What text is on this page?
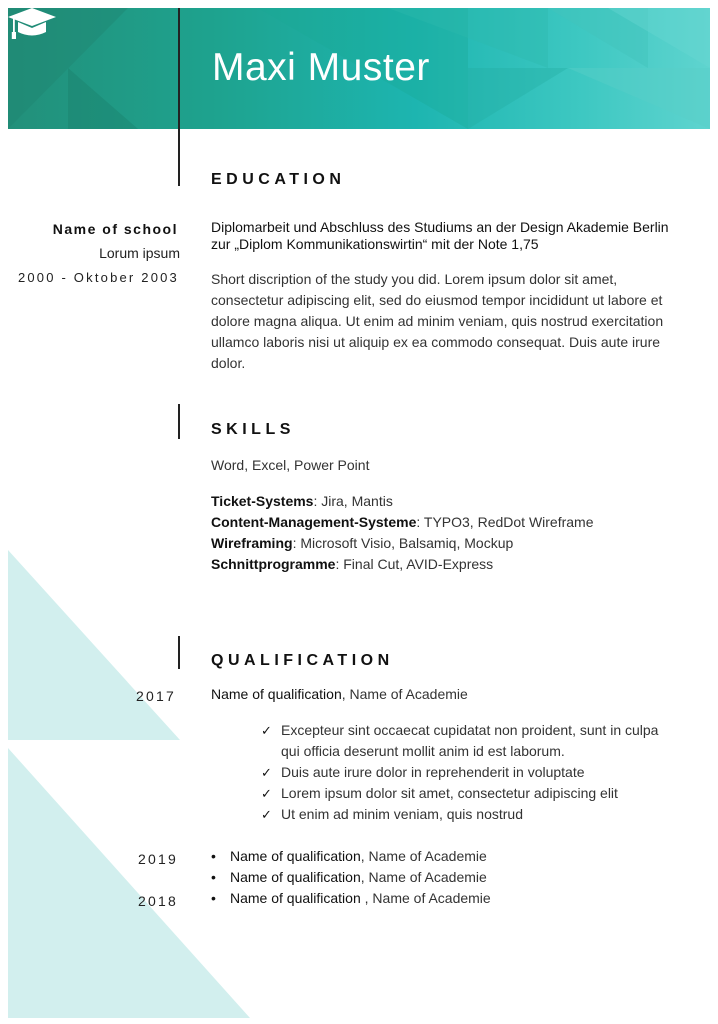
Maxi Muster
EDUCATION
Name of school
Lorum ipsum
2000 - Oktober 2003
Diplomarbeit und Abschluss des Studiums an der Design Akademie Berlin
zur „Diplom Kommunikationswirtin“ mit der Note 1,75
Short discription of the study you did. Lorem ipsum dolor sit amet, consectetur adipiscing elit, sed do eiusmod tempor incididunt ut labore et dolore magna aliqua. Ut enim ad minim veniam, quis nostrud exercitation ullamco laboris nisi ut aliquip ex ea commodo consequat. Duis aute irure dolor.
SKILLS
Word, Excel, Power Point
Ticket-Systems: Jira, Mantis
Content-Management-Systeme: TYPO3, RedDot Wireframe
Wireframing: Microsoft Visio, Balsamiq, Mockup
Schnittprogramme: Final Cut, AVID-Express
QUALIFICATION
2017	Name of qualification, Name of Academie
✓ Excepteur sint occaecat cupidatat non proident, sunt in culpa qui officia deserunt mollit anim id est laborum.
✓ Duis aute irure dolor in reprehenderit in voluptate
✓ Lorem ipsum dolor sit amet, consectetur adipiscing elit
✓ Ut enim ad minim veniam, quis nostrud
2019
2018
• Name of qualification, Name of Academie
• Name of qualification, Name of Academie
• Name of qualification , Name of Academie
